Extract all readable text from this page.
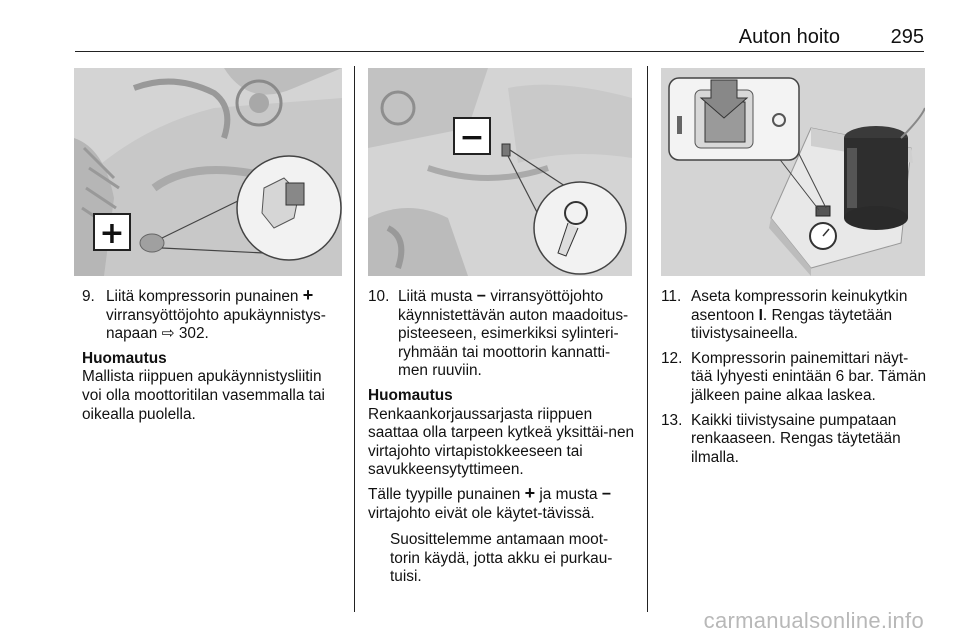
Auton hoito	295
+
−
9. Liitä kompressorin punainen +
virransyöttöjohto apukäynnistys-
napaan ⇨ 302.

Huomautus

Mallista riippuen apukäynnistysliitin voi olla moottoritilan vasemmalla tai oikealla puolella.

10. Liitä musta − virransyöttöjohto käynnistettävän auton maadoitus-pisteeseen, esimerkiksi sylinteri-ryhmään tai moottorin kannatti-men ruuviin.

Huomautus

Renkaankorjaussarjasta riippuen saattaa olla tarpeen kytkeä yksittäi-nen virtajohto virtapistokkeeseen tai savukkeensytyttimeen.

Tälle tyypille punainen + ja musta − virtajohto eivät ole käytet-tävissä.

Suosittelemme antamaan moot-torin käydä, jotta akku ei purkau-tuisi.

11. Aseta kompressorin keinukytkin asentoon I. Rengas täytetään tiivistysaineella.

12. Kompressorin painemittari näyt-tää lyhyesti enintään 6 bar. Tämän jälkeen paine alkaa laskea.

13. Kaikki tiivistysaine pumpataan renkaaseen. Rengas täytetään ilmalla.

carmanualsonline.info
